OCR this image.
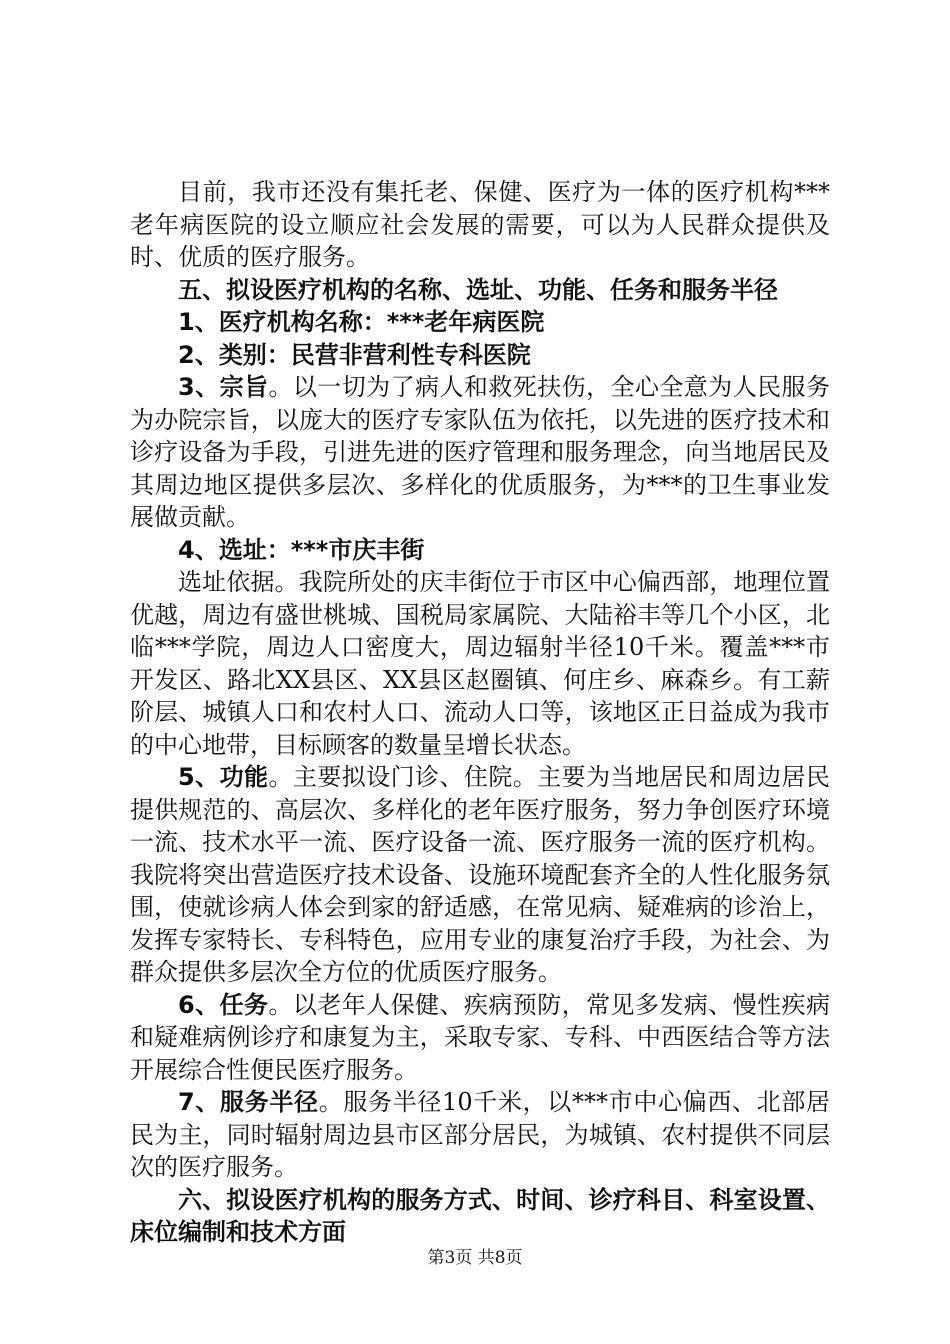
目前，我市还没有集托老、保健、医疗为一体的医疗机构***老年病医院的设立顺应社会发展的需要，可以为人民群众提供及时、优质的医疗服务。

五、拟设医疗机构的名称、选址、功能、任务和服务半径

1、医疗机构名称：***老年病医院

2、类别：民营非营利性专科医院

3、宗旨。以一切为了病人和救死扶伤，全心全意为人民服务为办院宗旨，以庞大的医疗专家队伍为依托，以先进的医疗技术和诊疗设备为手段，引进先进的医疗管理和服务理念，向当地居民及其周边地区提供多层次、多样化的优质服务，为***的卫生事业发展做贡献。

4、选址：***市庆丰街

选址依据。我院所处的庆丰街位于市区中心偏西部，地理位置优越，周边有盛世桃城、国税局家属院、大陆裕丰等几个小区，北临***学院，周边人口密度大，周边辐射半径10千米。覆盖***市开发区、路北XX县区、XX县区赵圈镇、何庄乡、麻森乡。有工薪阶层、城镇人口和农村人口、流动人口等，该地区正日益成为我市的中心地带，目标顾客的数量呈增长状态。

5、功能。主要拟设门诊、住院。主要为当地居民和周边居民提供规范的、高层次、多样化的老年医疗服务，努力争创医疗环境一流、技术水平一流、医疗设备一流、医疗服务一流的医疗机构。我院将突出营造医疗技术设备、设施环境配套齐全的人性化服务氛围，使就诊病人体会到家的舒适感，在常见病、疑难病的诊治上，发挥专家特长、专科特色，应用专业的康复治疗手段，为社会、为群众提供多层次全方位的优质医疗服务。

6、任务。以老年人保健、疾病预防，常见多发病、慢性疾病和疑难病例诊疗和康复为主，采取专家、专科、中西医结合等方法开展综合性便民医疗服务。

7、服务半径。服务半径10千米，以***市中心偏西、北部居民为主，同时辐射周边县市区部分居民，为城镇、农村提供不同层次的医疗服务。

六、拟设医疗机构的服务方式、时间、诊疗科目、科室设置、床位编制和技术方面

第3页 共8页
